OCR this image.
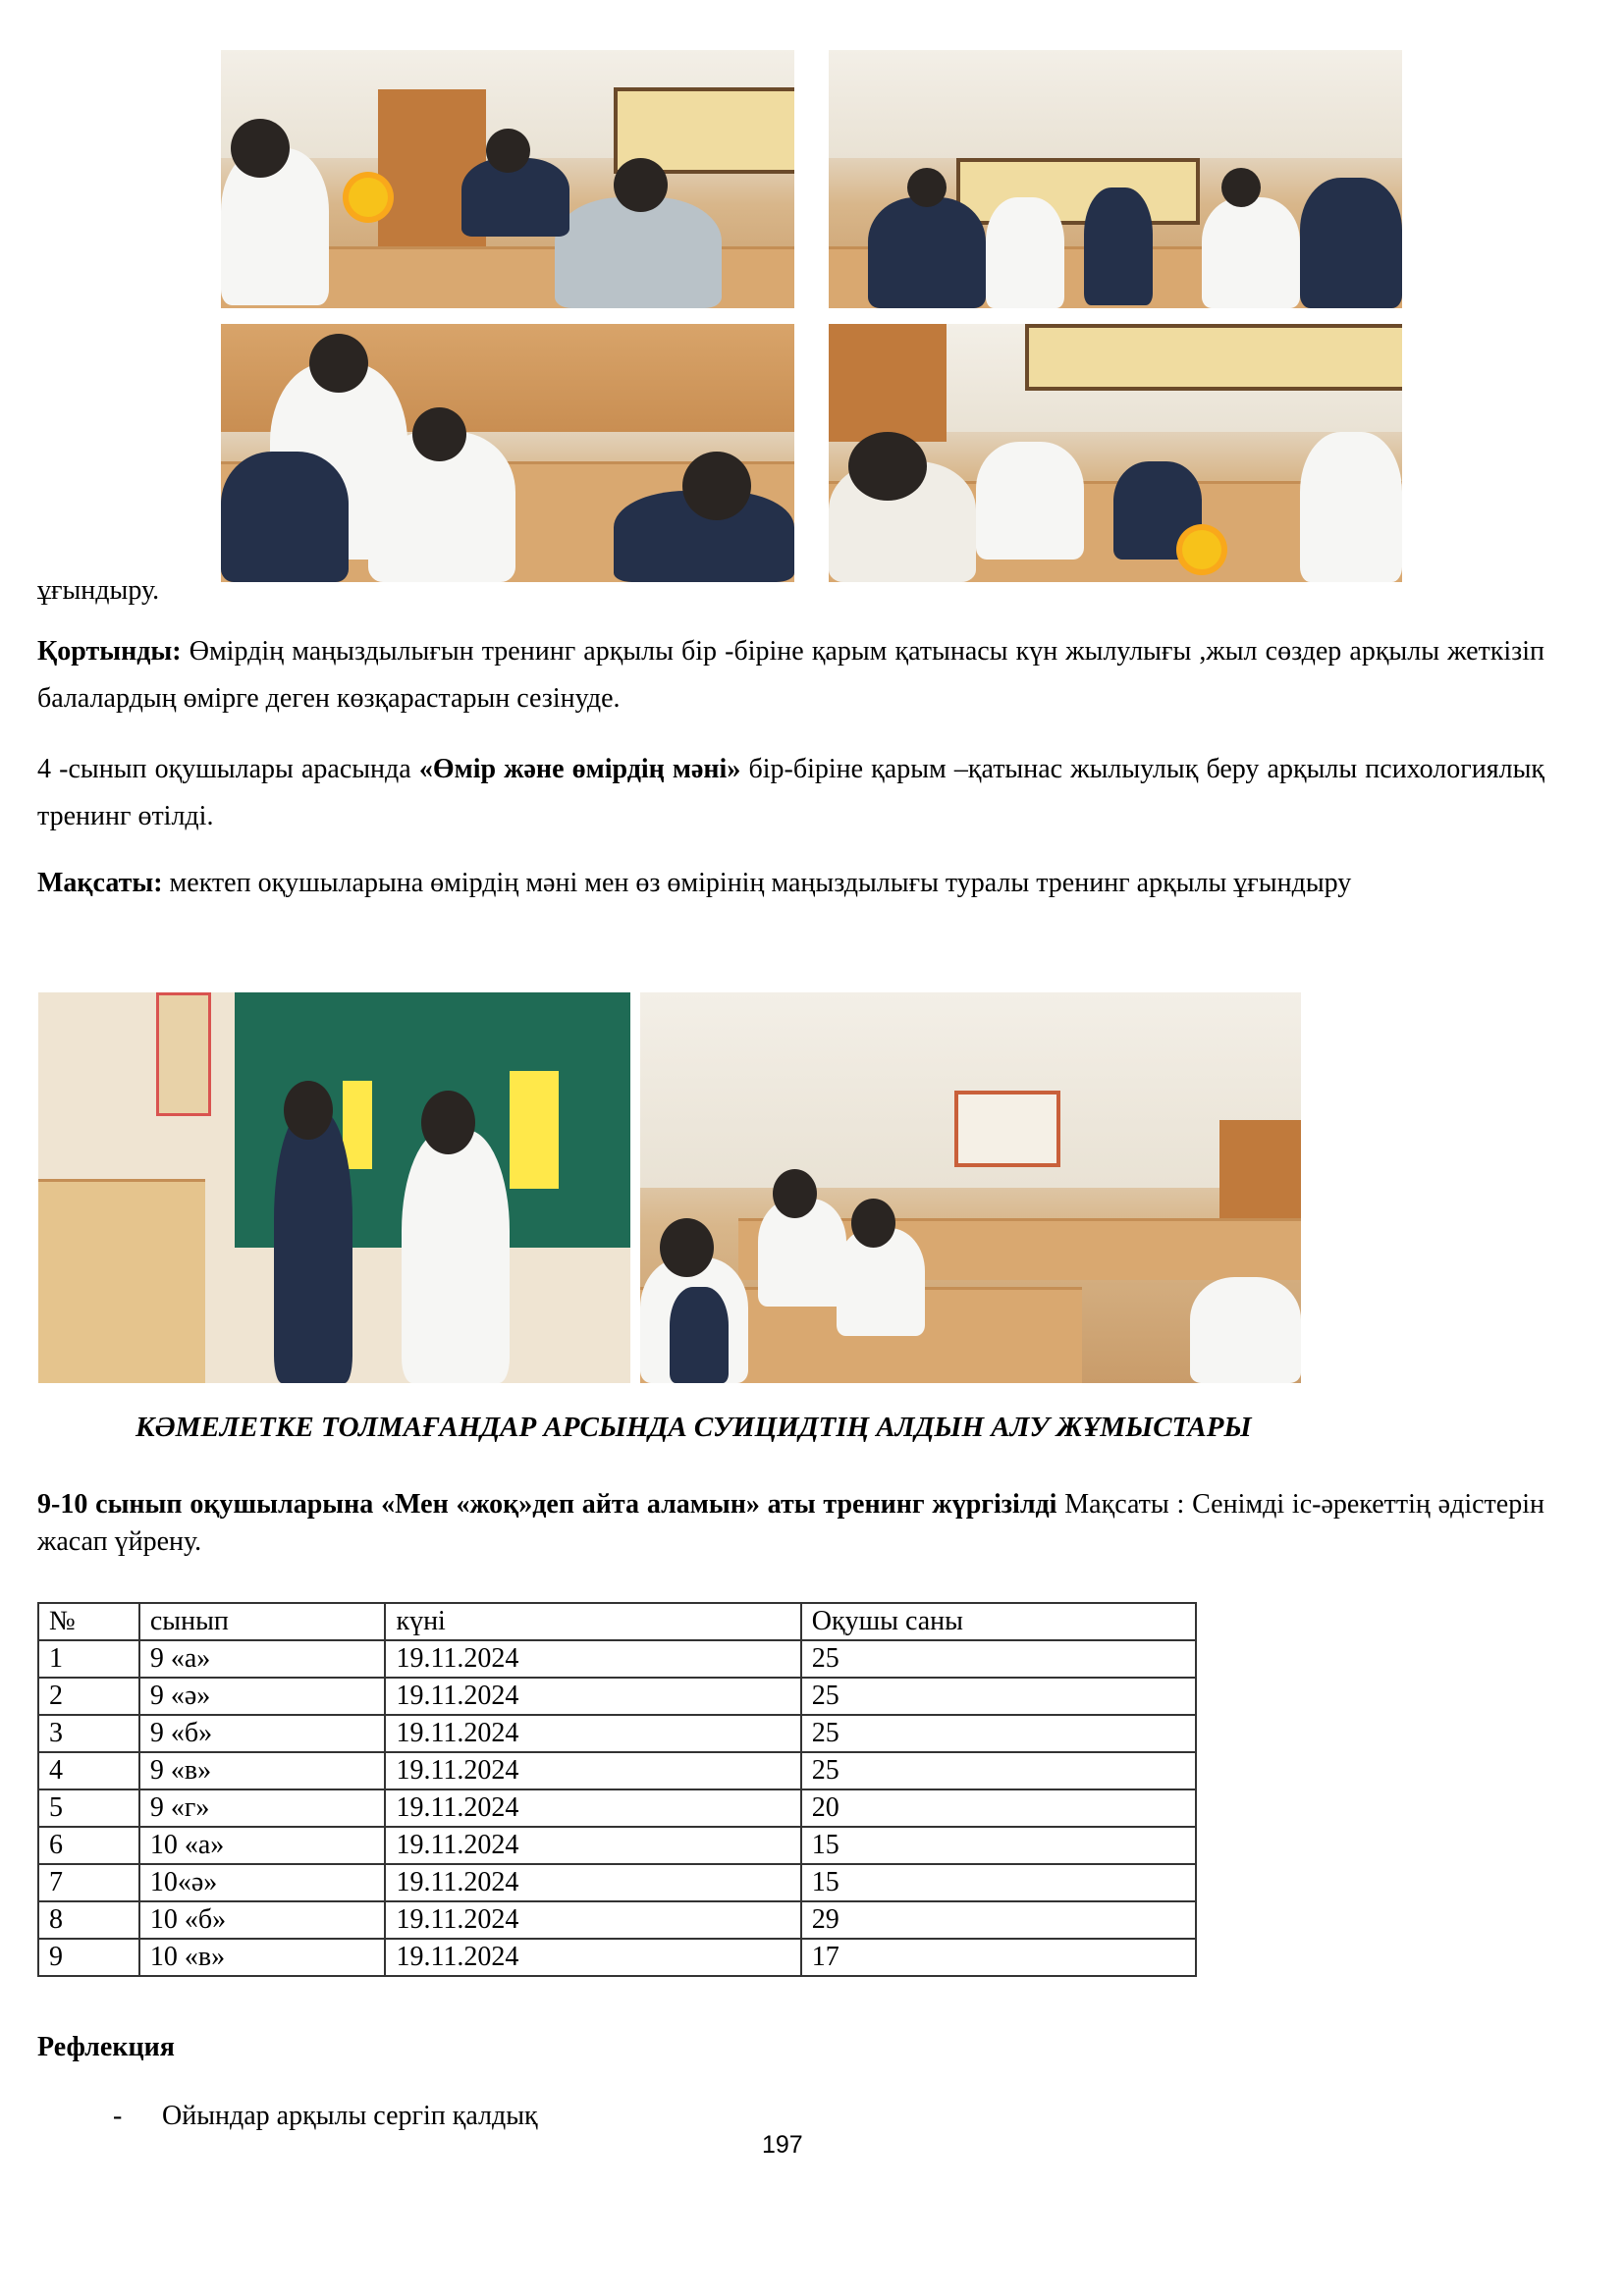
ұғындыру.
Қортынды: Өмірдің маңыздылығын тренинг арқылы бір -біріне қарым қатынасы күн жылулығы ,жыл сөздер арқылы жеткізіп балалардың өмірге деген көзқарастарын сезінуде.
4 -сынып оқушылары арасында «Өмір және өмірдің мәні» бір-біріне қарым –қатынас жылыулық беру арқылы психологиялық тренинг өтілді.
Мақсаты: мектеп оқушыларына өмірдің мәні мен өз өмірінің маңыздылығы туралы тренинг арқылы ұғындыру
КӘМЕЛЕТКЕ ТОЛМАҒАНДАР АРСЫНДА СУИЦИДТІҢ АЛДЫН АЛУ ЖҰМЫСТАРЫ
9-10 сынып оқушыларына «Мен «жоқ»деп айта аламын» аты тренинг жүргізілді Мақсаты : Сенімді іс-әрекеттің әдістерін жасап үйрену.
№	сынып	күні	Оқушы саны
1	9 «а»	19.11.2024	25
2	9 «ә»	19.11.2024	25
3	9 «б»	19.11.2024	25
4	9 «в»	19.11.2024	25
5	9 «г»	19.11.2024	20
6	10 «а»	19.11.2024	15
7	10«ә»	19.11.2024	15
8	10 «б»	19.11.2024	29
9	10 «в»	19.11.2024	17
Рефлекция
- Ойындар арқылы сергіп қалдық
197
